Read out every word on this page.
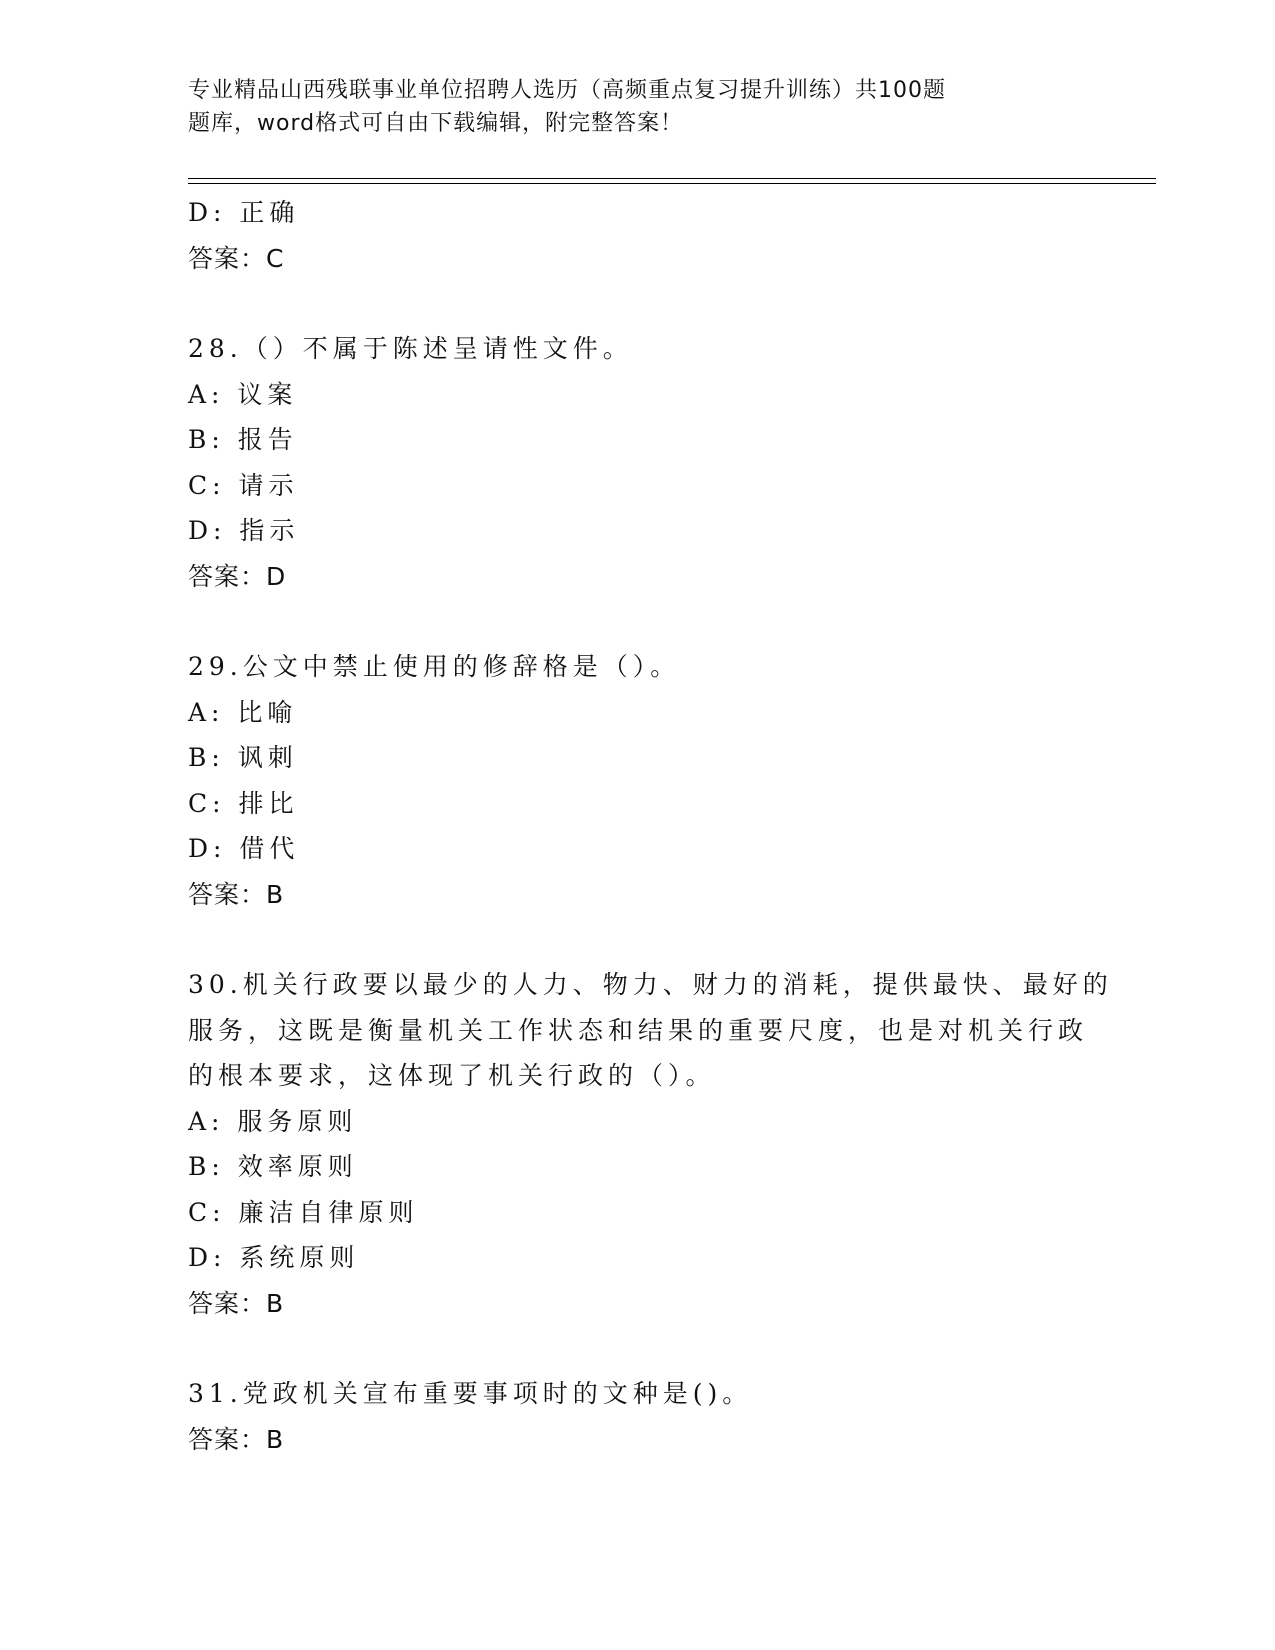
专业精品山西残联事业单位招聘人选历（高频重点复习提升训练）共100题
题库，word格式可自由下载编辑，附完整答案！
D: 正确
答案：C
28.（）不属于陈述呈请性文件。
A: 议案
B: 报告
C: 请示
D: 指示
答案：D
29.公文中禁止使用的修辞格是（）。
A: 比喻
B: 讽刺
C: 排比
D: 借代
答案：B
30.机关行政要以最少的人力、物力、财力的消耗，提供最快、最好的
服务，这既是衡量机关工作状态和结果的重要尺度，也是对机关行政
的根本要求，这体现了机关行政的（）。
A: 服务原则
B: 效率原则
C: 廉洁自律原则
D: 系统原则
答案：B
31.党政机关宣布重要事项时的文种是()。
答案：B
